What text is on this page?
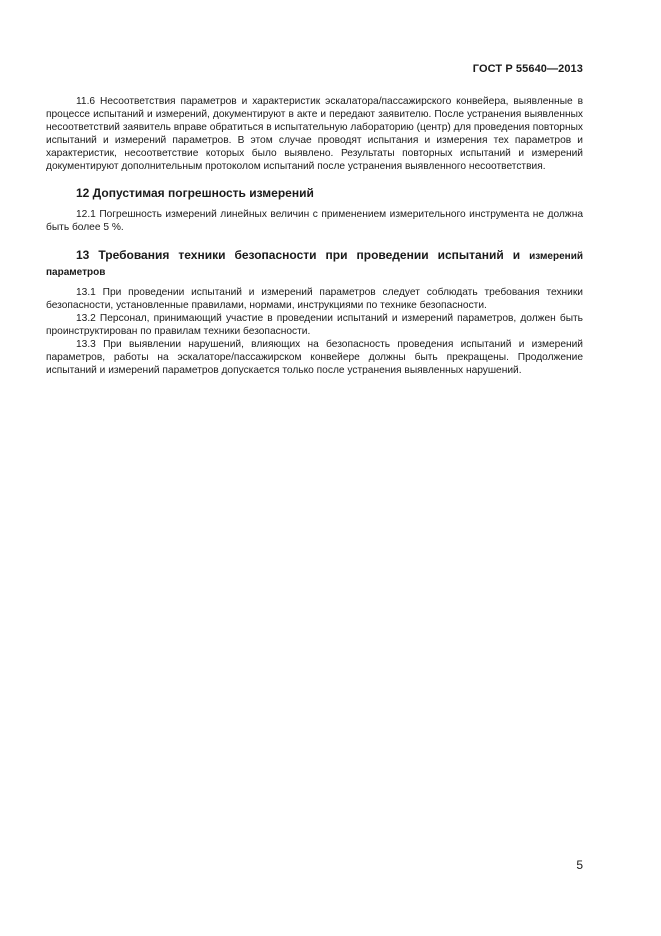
ГОСТ Р 55640—2013

11.6 Несоответствия параметров и характеристик эскалатора/пассажирского конвейера, выявленные в процессе испытаний и измерений, документируют в акте и передают заявителю. После устранения выявленных несоответствий заявитель вправе обратиться в испытательную лабораторию (центр) для проведения повторных испытаний и измерений параметров. В этом случае проводят испытания и измерения тех параметров и характеристик, несоответствие которых было выявлено. Результаты повторных испытаний и измерений документируют дополнительным протоколом испытаний после устранения выявленного несоответствия.

12 Допустимая погрешность измерений

12.1 Погрешность измерений линейных величин с применением измерительного инструмента не должна быть более 5 %.

13 Требования техники безопасности при проведении испытаний и измерений параметров

13.1 При проведении испытаний и измерений параметров следует соблюдать требования техники безопасности, установленные правилами, нормами, инструкциями по технике безопасности.

13.2 Персонал, принимающий участие в проведении испытаний и измерений параметров, должен быть проинструктирован по правилам техники безопасности.

13.3 При выявлении нарушений, влияющих на безопасность проведения испытаний и измерений параметров, работы на эскалаторе/пассажирском конвейере должны быть прекращены. Продолжение испытаний и измерений параметров допускается только после устранения выявленных нарушений.

5
